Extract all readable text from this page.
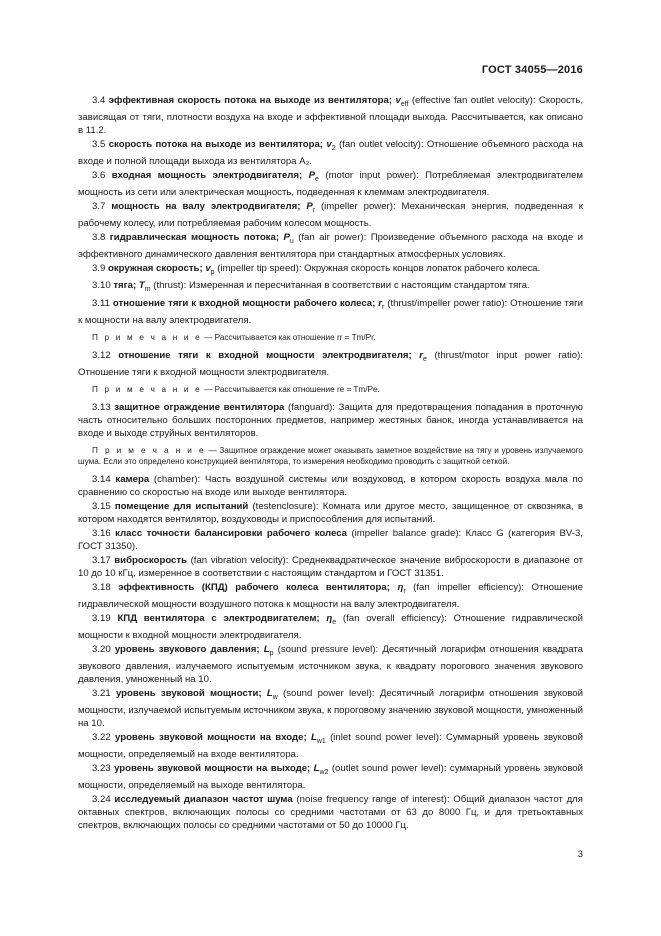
ГОСТ 34055—2016

3.4 эффективная скорость потока на выходе из вентилятора; $v_{eff}$ (effective fan outlet velocity): Скорость, зависящая от тяги, плотности воздуха на входе и эффективной площади выхода. Рассчитывается, как описано в 11.2.

3.5 скорость потока на выходе из вентилятора; $v_2$ (fan outlet velocity): Отношение объемного расхода на входе и полной площади выхода из вентилятора A₂.

3.6 входная мощность электродвигателя; $P_e$ (motor input power): Потребляемая электродвигателем мощность из сети или электрическая мощность, подведенная к клеммам электродвигателя.

3.7 мощность на валу электродвигателя; $P_r$ (impeller power): Механическая энергия, подведенная к рабочему колесу, или потребляемая рабочим колесом мощность.

3.8 гидравлическая мощность потока; $P_u$ (fan air power): Произведение объемного расхода на входе и эффективного динамического давления вентилятора при стандартных атмосферных условиях.

3.9 окружная скорость; $v_p$ (impeller tip speed): Окружная скорость концов лопаток рабочего колеса.

3.10 тяга; $T_m$ (thrust): Измеренная и пересчитанная в соответствии с настоящим стандартом тяга.

3.11 отношение тяги к входной мощности рабочего колеса; $r_r$ (thrust/impeller power ratio): Отношение тяги к мощности на валу электродвигателя.

П р и м е ч а н и е — Рассчитывается как отношение rr = Tm/Pr.

3.12 отношение тяги к входной мощности электродвигателя; $r_e$ (thrust/motor input power ratio): Отношение тяги к входной мощности электродвигателя.

П р и м е ч а н и е — Рассчитывается как отношение re = Tm/Pe.

3.13 защитное ограждение вентилятора (fanguard): Защита для предотвращения попадания в проточную часть относительно больших посторонних предметов, например жестяных банок, иногда устанавливается на входе и выходе струйных вентиляторов.

П р и м е ч а н и е — Защитное ограждение может оказывать заметное воздействие на тягу и уровень излучаемого шума. Если это определено конструкцией вентилятора, то измерения необходимо проводить с защитной сеткой.

3.14 камера (chamber): Часть воздушной системы или воздуховод, в котором скорость воздуха мала по сравнению со скоростью на входе или выходе вентилятора.

3.15 помещение для испытаний (testenclosure): Комната или другое место, защищенное от сквозняка, в котором находятся вентилятор, воздуховоды и приспособления для испытаний.

3.16 класс точности балансировки рабочего колеса (impeller balance grade): Класс G (категория BV-3, ГОСТ 31350).

3.17 виброскорость (fan vibration velocity): Среднеквадратическое значение виброскорости в диапазоне от 10 до 10 кГц, измеренное в соответствии с настоящим стандартом и ГОСТ 31351.

3.18 эффективность (КПД) рабочего колеса вентилятора; $\eta_r$ (fan impeller efficiency): Отношение гидравлической мощности воздушного потока к мощности на валу электродвигателя.

3.19 КПД вентилятора с электродвигателем; $\eta_e$ (fan overall efficiency): Отношение гидравлической мощности к входной мощности электродвигателя.

3.20 уровень звукового давления; $L_p$ (sound pressure level): Десятичный логарифм отношения квадрата звукового давления, излучаемого испытуемым источником звука, к квадрату порогового значения звукового давления, умноженный на 10.

3.21 уровень звуковой мощности; $L_w$ (sound power level): Десятичный логарифм отношения звуковой мощности, излучаемой испытуемым источником звука, к пороговому значению звуковой мощности, умноженный на 10.

3.22 уровень звуковой мощности на входе; $L_{w1}$ (inlet sound power level): Суммарный уровень звуковой мощности, определяемый на входе вентилятора.

3.23 уровень звуковой мощности на выходе; $L_{w2}$ (outlet sound power level): суммарный уровень звуковой мощности, определяемый на выходе вентилятора.

3.24 исследуемый диапазон частот шума (noise frequency range of interest): Общий диапазон частот для октавных спектров, включающих полосы со средними частотами от 63 до 8000 Гц, и для третьоктавных спектров, включающих полосы со средними частотами от 50 до 10000 Гц.

3
